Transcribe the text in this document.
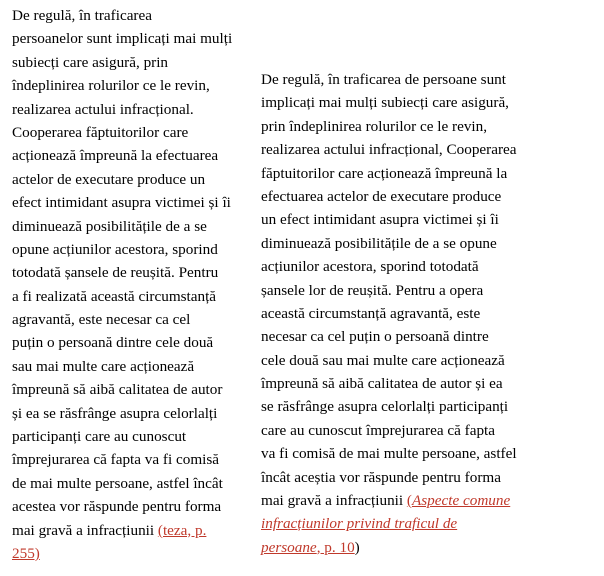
De regulă, în traficarea
persoanelor sunt implicați mai mulți
subiecți care asigură, prin
îndeplinirea rolurilor ce le revin,
realizarea actului infracțional.
Cooperarea făptuitorilor care
acționează împreună la efectuarea
actelor de executare produce un
efect intimidant asupra victimei și îi
diminuează posibilitățile de a se
opune acțiunilor acestora, sporind
totodată șansele de reușită. Pentru
a fi realizată această circumstanță
agravantă, este necesar ca cel
puțin o persoană dintre cele două
sau mai multe care acționează
împreună să aibă calitatea de autor
și ea se răsfrânge asupra celorlalți
participanți care au cunoscut
împrejurarea că fapta va fi comisă
de mai multe persoane, astfel încât
acestea vor răspunde pentru forma
mai gravă a infracțiunii (teza, p.
255)
De regulă, în traficarea de persoane sunt
implicați mai mulți subiecți care asigură,
prin îndeplinirea rolurilor ce le revin,
realizarea actului infracțional, Cooperarea
făptuitorilor care acționează împreună la
efectuarea actelor de executare produce
un efect intimidant asupra victimei și îi
diminuează posibilitățile de a se opune
acțiunilor acestora, sporind totodată
șansele lor de reușită. Pentru a opera
această circumstanță agravantă, este
necesar ca cel puțin o persoană dintre
cele două sau mai multe care acționează
împreună să aibă calitatea de autor și ea
se răsfrânge asupra celorlalți participanți
care au cunoscut împrejurarea că fapta
va fi comisă de mai multe persoane, astfel
încât aceștia vor răspunde pentru forma
mai gravă a infracțiunii (Aspecte comune
infracțiunilor privind traficul de
persoane, p. 10)
